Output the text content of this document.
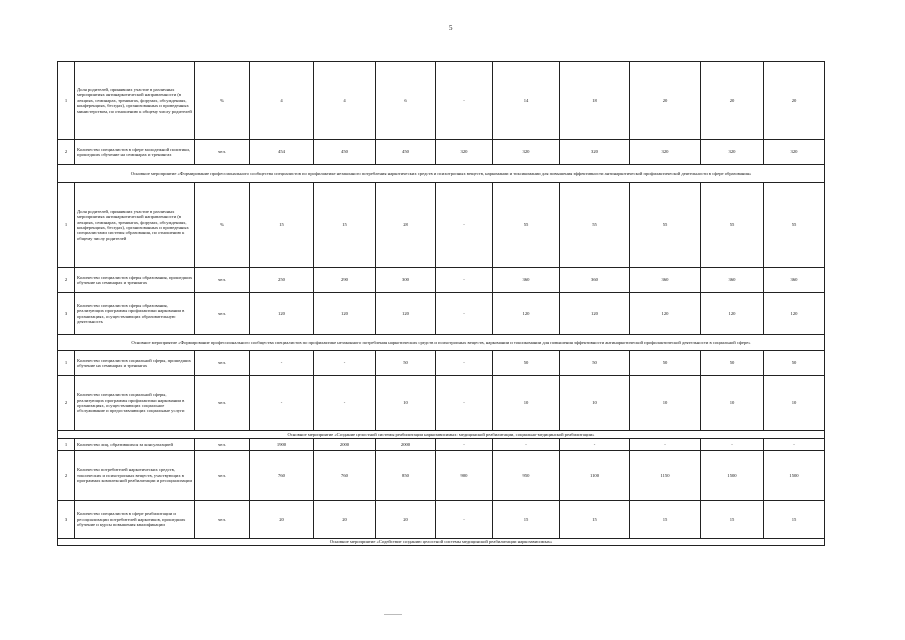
5
1	Доля родителей, принявших участие в различных мероприятиях антинаркотической направленности (в лекциях, семинарах, тренингах, форумах, обсуждениях, конференциях, беседах), организованных и проведенных министерством, по отношению к общему числу родителей	%	4	4	6	-	14	18	20	20	20
2	Количество специалистов в сфере молодежной политики, прошедших обучение на семинарах и тренингах	чел.	454	450	450	320	320	320	320	320	320

Основное мероприятие «Формирование профессионального сообщества специалистов по профилактике незаконного потребления наркотических средств и психотропных веществ, наркомании и токсикомании для повышения эффективности антинаркотической профилактической деятельности в сфере образования»											

1	Доля родителей, принявших участие в различных мероприятиях антинаркотической направленности (в лекциях, семинарах, тренингах, форумах, обсуждениях, конференциях, беседах), организованных и проведенных специалистами системы образования, по отношению к общему числу родителей	%	15	15	28	-	55	55	55	55	55
2	Количество специалистов сферы образования, прошедших обучение на семинарах и тренингах	чел.	250	290	300	-	360	360	360	360	360
3	Количество специалистов сферы образования, реализующих программы профилактики наркомании в организациях, осуществляющих образовательную деятельность	чел.	120	120	120	-	120	120	120	120	120

Основное мероприятие «Формирование профессионального сообщества специалистов по профилактике незаконного потребления наркотических средств и психотропных веществ, наркомании и токсикомании для повышения эффективности антинаркотической профилактической деятельности в социальной сфере»											

1	Количество специалистов социальной сферы, прошедших обучение на семинарах и тренингах	чел.	-	-	50	-	50	50	50	50	50
2	Количество специалистов социальной сферы, реализующих программы профилактики наркомании в организациях, осуществляющих социальное обслуживание и предоставляющих социальные услуги	чел.	-	-	10	-	10	10	10	10	10

Основное мероприятие «Создание целостной системы реабилитации наркозависимых: медицинской реабилитации, социально-медицинской реабилитации»											

1	Количество лиц, обратившихся за консультацией	чел.	1900	2000	2000	-	-	-	-	-	-
2	Количество потребителей наркотических средств, токсических и психотропных веществ, участвующих в программах комплексной реабилитации и ресоциализации	чел.	760	760	850	900	950	1100	1150	1500	1500
3	Количество специалистов в сфере реабилитации и ресоциализации потребителей наркотиков, прошедших обучение и курсы повышения квалификации	чел.	20	20	20	-	15	15	15	15	15

Основное мероприятие «Содействие созданию целостной системы медицинской реабилитации наркозависимых»											
